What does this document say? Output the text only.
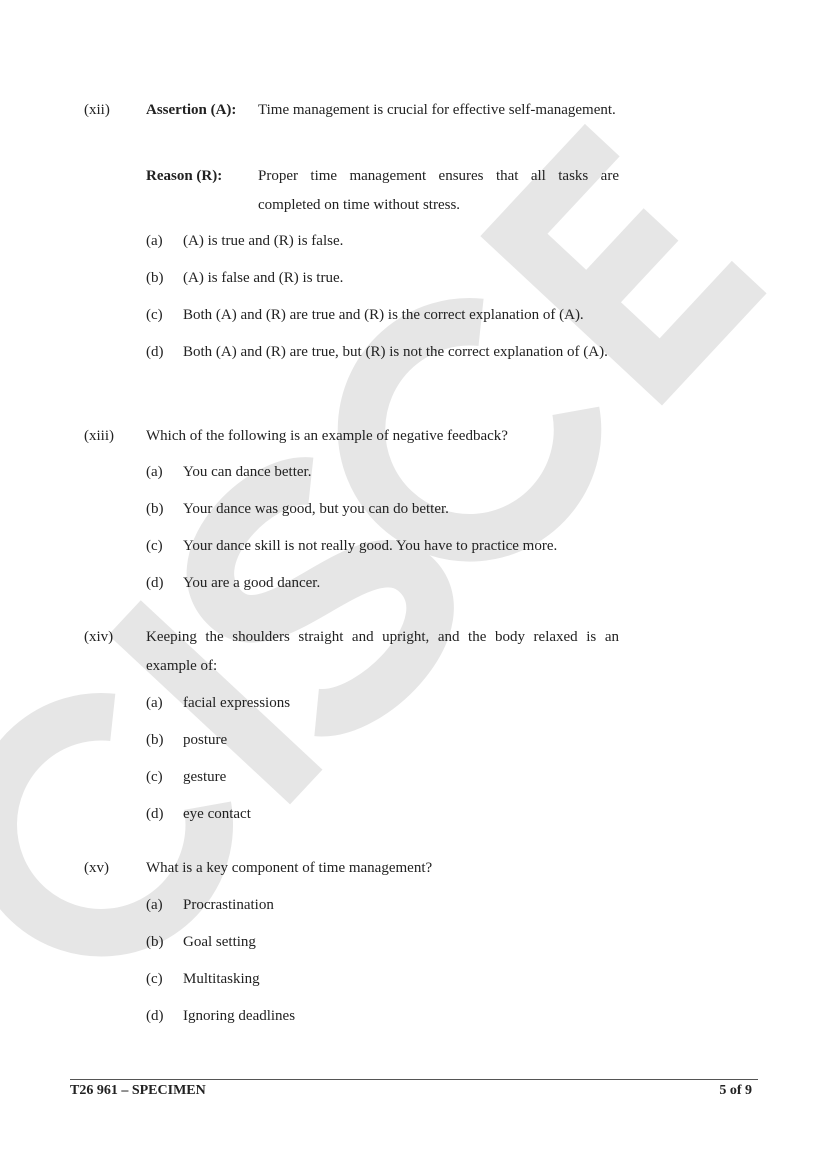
(xii) Assertion (A): Time management is crucial for effective self-management.
Reason (R): Proper time management ensures that all tasks are completed on time without stress.
(a) (A) is true and (R) is false.
(b) (A) is false and (R) is true.
(c) Both (A) and (R) are true and (R) is the correct explanation of (A).
(d) Both (A) and (R) are true, but (R) is not the correct explanation of (A).
(xiii) Which of the following is an example of negative feedback?
(a) You can dance better.
(b) Your dance was good, but you can do better.
(c) Your dance skill is not really good. You have to practice more.
(d) You are a good dancer.
(xiv) Keeping the shoulders straight and upright, and the body relaxed is an example of:
(a) facial expressions
(b) posture
(c) gesture
(d) eye contact
(xv) What is a key component of time management?
(a) Procrastination
(b) Goal setting
(c) Multitasking
(d) Ignoring deadlines
T26 961 – SPECIMEN	5 of 9
